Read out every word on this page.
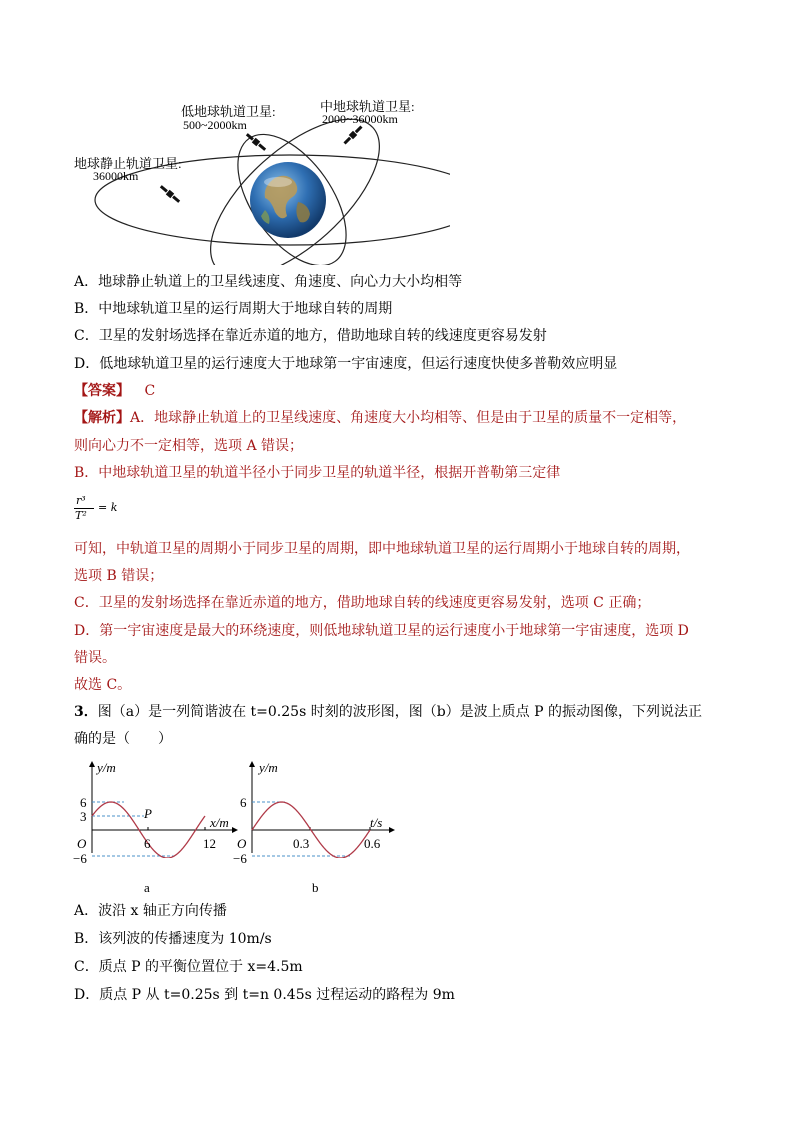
低地球轨道卫星:
500~2000km
中地球轨道卫星:
2000~36000km
地球静止轨道卫星:
36000km
A．地球静止轨道上的卫星线速度、角速度、向心力大小均相等
B．中地球轨道卫星的运行周期大于地球自转的周期
C．卫星的发射场选择在靠近赤道的地方，借助地球自转的线速度更容易发射
D．低地球轨道卫星的运行速度大于地球第一宇宙速度，但运行速度快使多普勒效应明显
【答案】 C
【解析】A．地球静止轨道上的卫星线速度、角速度大小均相等、但是由于卫星的质量不一定相等，
则向心力不一定相等，选项 A 错误；
B．中地球轨道卫星的轨道半径小于同步卫星的轨道半径，根据开普勒第三定律
r³
T²
= k
可知，中轨道卫星的周期小于同步卫星的周期，即中地球轨道卫星的运行周期小于地球自转的周期，
选项 B 错误；
C．卫星的发射场选择在靠近赤道的地方，借助地球自转的线速度更容易发射，选项 C 正确；
D．第一宇宙速度是最大的环绕速度，则低地球轨道卫星的运行速度小于地球第一宇宙速度，选项 D
错误。
故选 C。
3．图（a）是一列简谐波在 t=0.25s 时刻的波形图，图（b）是波上质点 P 的振动图像，下列说法正
确的是（　　）
y/m
6
3
O
−6
P
6	12
x/m
a
y/m
6
O
−6
0.3	0.6
t/s
b
A．波沿 x 轴正方向传播
B．该列波的传播速度为 10m/s
C．质点 P 的平衡位置位于 x=4.5m
D．质点 P 从 t=0.25s 到 t=n 0.45s 过程运动的路程为 9m
